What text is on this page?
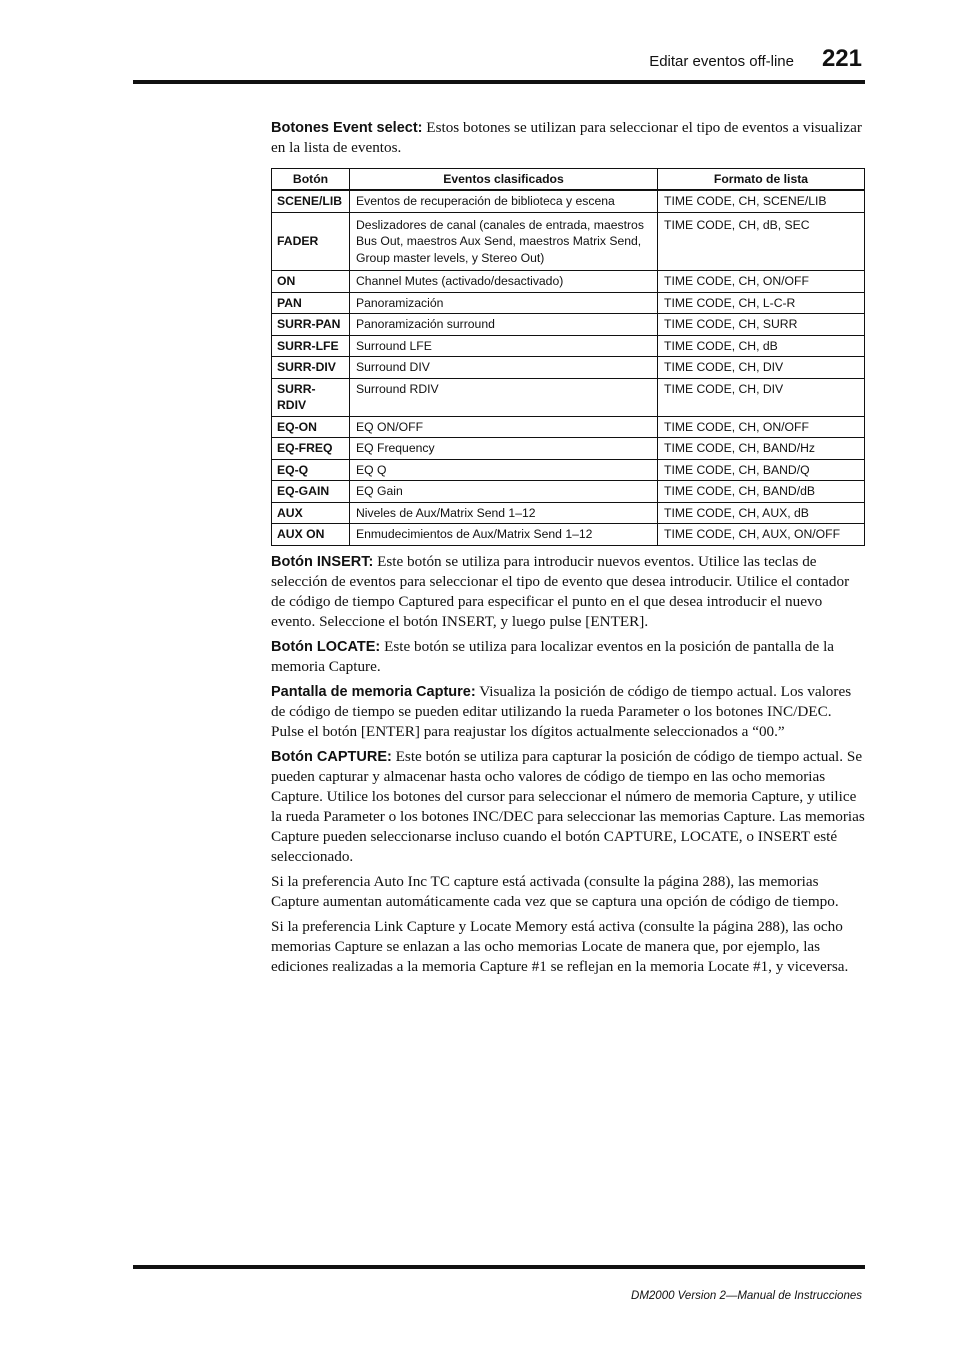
Editar eventos off-line 221

Botones Event select: Estos botones se utilizan para seleccionar el tipo de eventos a visualizar en la lista de eventos.

Botón	Eventos clasificados	Formato de lista
SCENE/LIB	Eventos de recuperación de biblioteca y escena	TIME CODE, CH, SCENE/LIB
FADER	Deslizadores de canal (canales de entrada, maestros Bus Out, maestros Aux Send, maestros Matrix Send, Group master levels, y Stereo Out)	TIME CODE, CH, dB, SEC
ON	Channel Mutes (activado/desactivado)	TIME CODE, CH, ON/OFF
PAN	Panoramización	TIME CODE, CH, L-C-R
SURR-PAN	Panoramización surround	TIME CODE, CH, SURR
SURR-LFE	Surround LFE	TIME CODE, CH, dB
SURR-DIV	Surround DIV	TIME CODE, CH, DIV
SURR-RDIV	Surround RDIV	TIME CODE, CH, DIV
EQ-ON	EQ ON/OFF	TIME CODE, CH, ON/OFF
EQ-FREQ	EQ Frequency	TIME CODE, CH, BAND/Hz
EQ-Q	EQ Q	TIME CODE, CH, BAND/Q
EQ-GAIN	EQ Gain	TIME CODE, CH, BAND/dB
AUX	Niveles de Aux/Matrix Send 1–12	TIME CODE, CH, AUX, dB
AUX ON	Enmudecimientos de Aux/Matrix Send 1–12	TIME CODE, CH, AUX, ON/OFF

Botón INSERT: Este botón se utiliza para introducir nuevos eventos. Utilice las teclas de selección de eventos para seleccionar el tipo de evento que desea introducir. Utilice el contador de código de tiempo Captured para especificar el punto en el que desea introducir el nuevo evento. Seleccione el botón INSERT, y luego pulse [ENTER].

Botón LOCATE: Este botón se utiliza para localizar eventos en la posición de pantalla de la memoria Capture.

Pantalla de memoria Capture: Visualiza la posición de código de tiempo actual. Los valores de código de tiempo se pueden editar utilizando la rueda Parameter o los botones INC/DEC. Pulse el botón [ENTER] para reajustar los dígitos actualmente seleccionados a “00.”

Botón CAPTURE: Este botón se utiliza para capturar la posición de código de tiempo actual. Se pueden capturar y almacenar hasta ocho valores de código de tiempo en las ocho memorias Capture. Utilice los botones del cursor para seleccionar el número de memoria Capture, y utilice la rueda Parameter o los botones INC/DEC para seleccionar las memorias Capture. Las memorias Capture pueden seleccionarse incluso cuando el botón CAPTURE, LOCATE, o INSERT esté seleccionado.

Si la preferencia Auto Inc TC capture está activada (consulte la página 288), las memorias Capture aumentan automáticamente cada vez que se captura una opción de código de tiempo.

Si la preferencia Link Capture y Locate Memory está activa (consulte la página 288), las ocho memorias Capture se enlazan a las ocho memorias Locate de manera que, por ejemplo, las ediciones realizadas a la memoria Capture #1 se reflejan en la memoria Locate #1, y viceversa.

DM2000 Version 2—Manual de Instrucciones
